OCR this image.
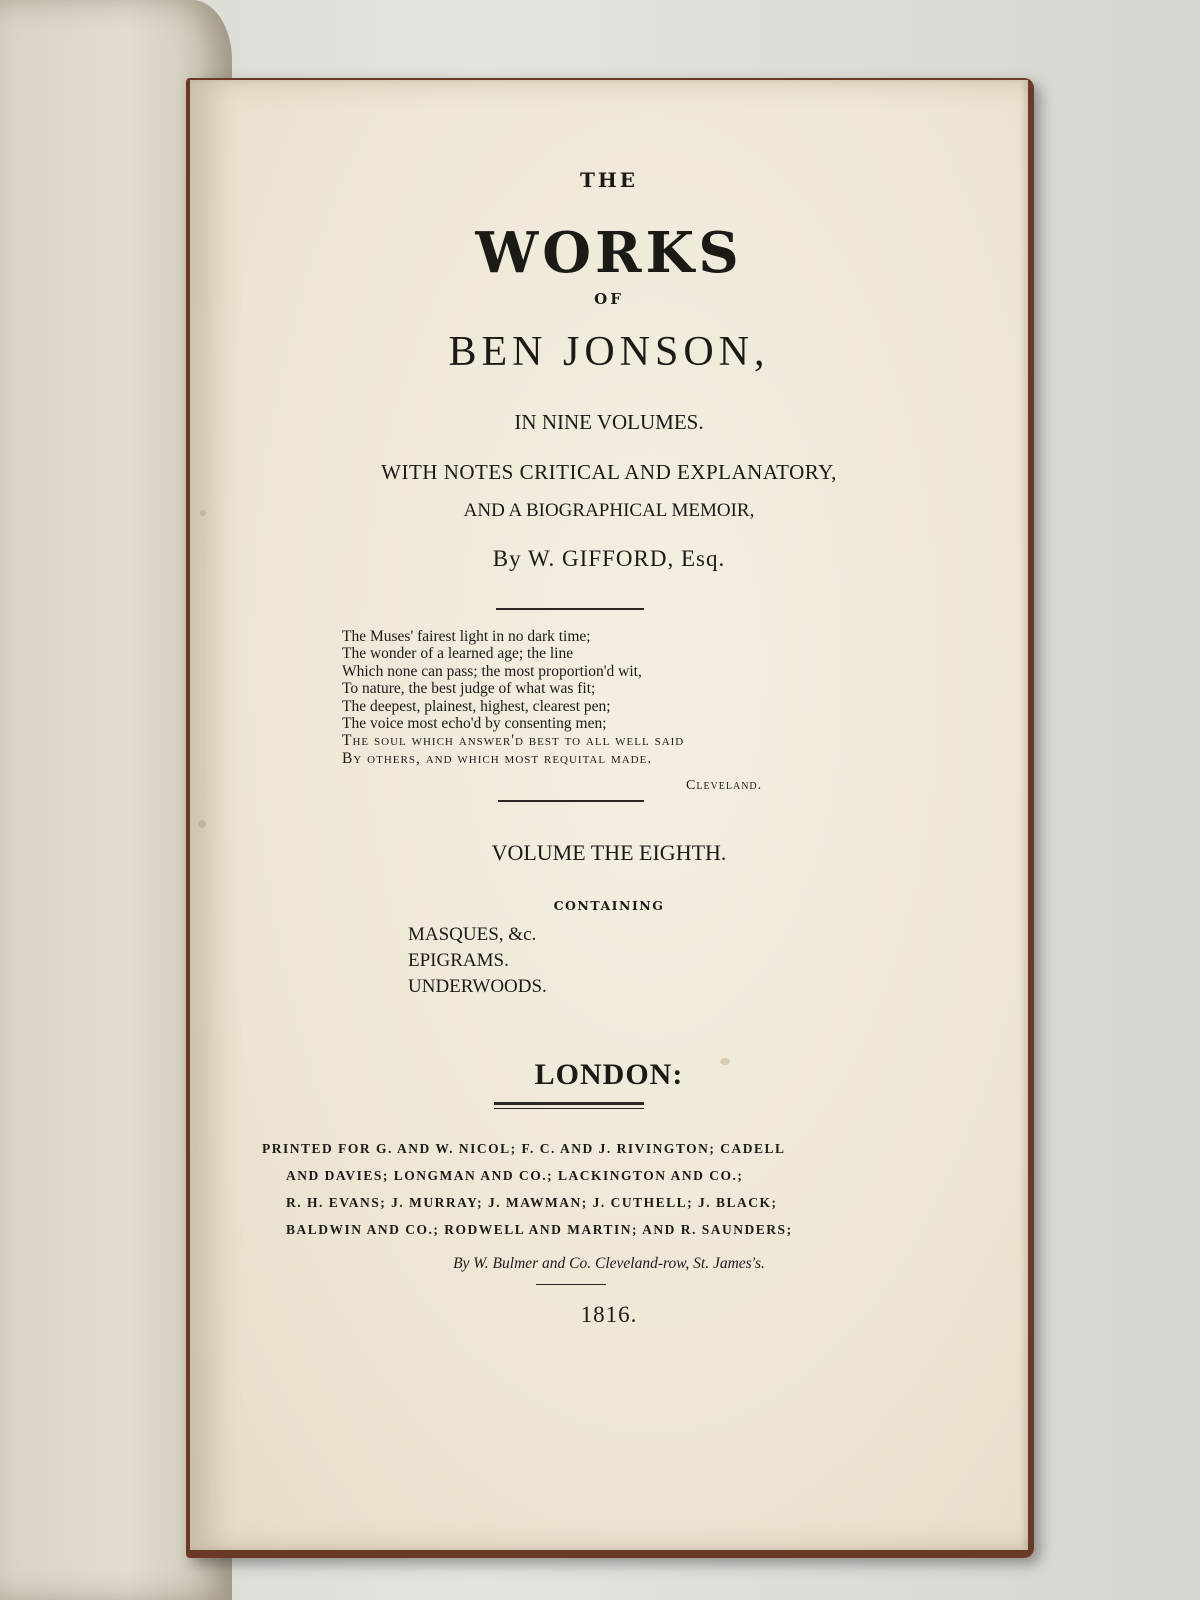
THE
WORKS
OF
BEN JONSON,
IN NINE VOLUMES.
WITH NOTES CRITICAL AND EXPLANATORY,
AND A BIOGRAPHICAL MEMOIR,
By W. GIFFORD, Esq.
The Muses' fairest light in no dark time;
The wonder of a learned age; the line
Which none can pass; the most proportion'd wit,
To nature, the best judge of what was fit;
The deepest, plainest, highest, clearest pen;
The voice most echo'd by consenting men;
The soul which answer'd best to all well said
By others, and which most requital made.
Cleveland.
VOLUME THE EIGHTH.
CONTAINING
MASQUES, &c.
EPIGRAMS.
UNDERWOODS.
LONDON:
PRINTED FOR G. AND W. NICOL; F. C. AND J. RIVINGTON; CADELL
AND DAVIES; LONGMAN AND CO.; LACKINGTON AND CO.;
R. H. EVANS; J. MURRAY; J. MAWMAN; J. CUTHELL; J. BLACK;
BALDWIN AND CO.; RODWELL AND MARTIN; AND R. SAUNDERS;
By W. Bulmer and Co. Cleveland-row, St. James's.
1816.
